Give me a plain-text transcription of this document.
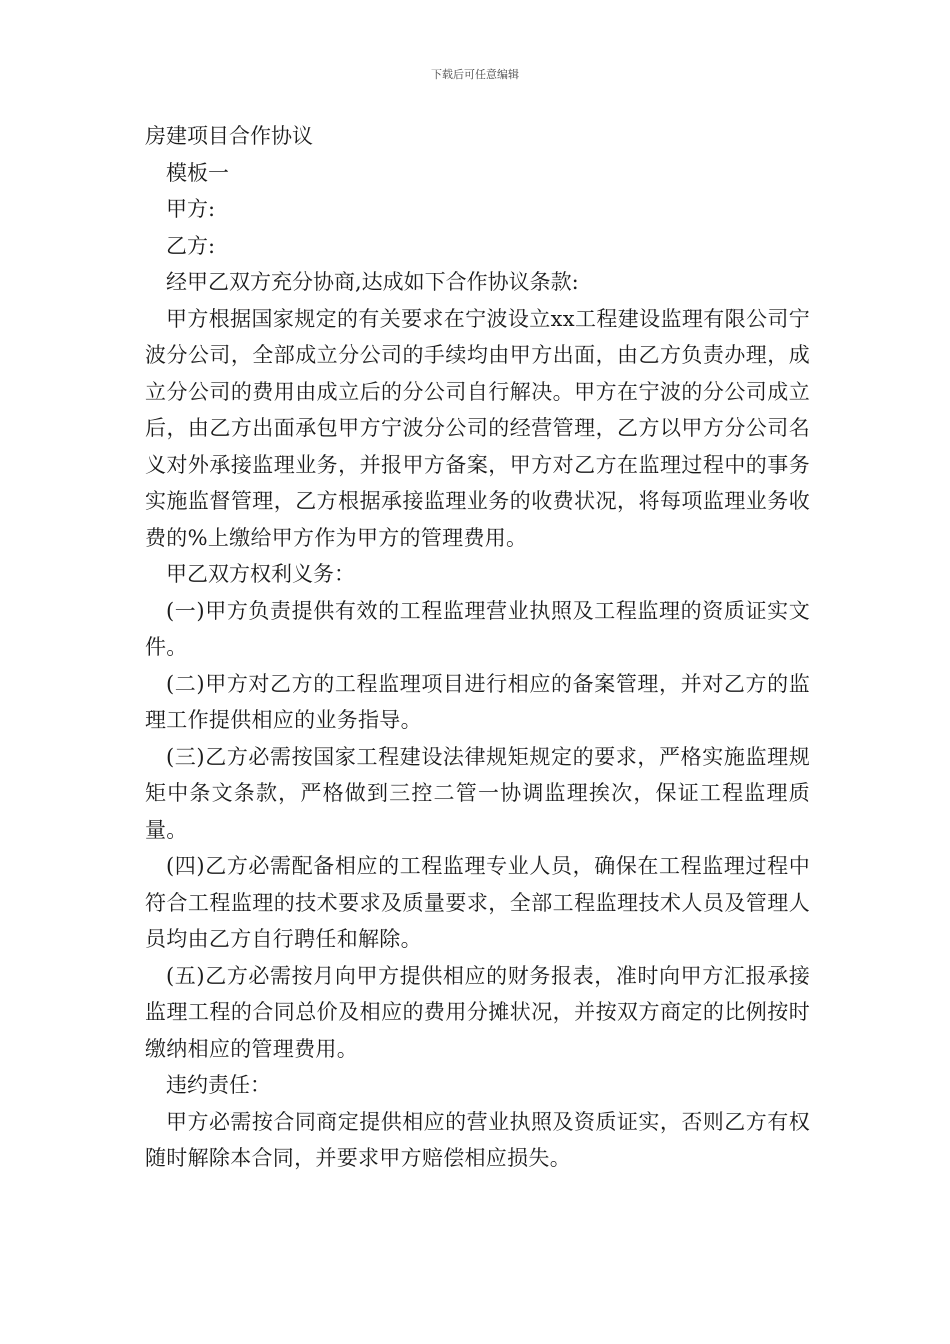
下载后可任意编辑

房建项目合作协议

模板一

甲方:

乙方:

经甲乙双方充分协商,达成如下合作协议条款:

甲方根据国家规定的有关要求在宁波设立xx工程建设监理有限公司宁波分公司，全部成立分公司的手续均由甲方出面，由乙方负责办理，成立分公司的费用由成立后的分公司自行解决。甲方在宁波的分公司成立后，由乙方出面承包甲方宁波分公司的经营管理，乙方以甲方分公司名义对外承接监理业务，并报甲方备案，甲方对乙方在监理过程中的事务实施监督管理，乙方根据承接监理业务的收费状况，将每项监理业务收费的%上缴给甲方作为甲方的管理费用。

甲乙双方权利义务：

(一)甲方负责提供有效的工程监理营业执照及工程监理的资质证实文件。

(二)甲方对乙方的工程监理项目进行相应的备案管理，并对乙方的监理工作提供相应的业务指导。

(三)乙方必需按国家工程建设法律规矩规定的要求，严格实施监理规矩中条文条款，严格做到三控二管一协调监理挨次，保证工程监理质量。

(四)乙方必需配备相应的工程监理专业人员，确保在工程监理过程中符合工程监理的技术要求及质量要求，全部工程监理技术人员及管理人员均由乙方自行聘任和解除。

(五)乙方必需按月向甲方提供相应的财务报表，准时向甲方汇报承接监理工程的合同总价及相应的费用分摊状况，并按双方商定的比例按时缴纳相应的管理费用。

违约责任：

甲方必需按合同商定提供相应的营业执照及资质证实，否则乙方有权随时解除本合同，并要求甲方赔偿相应损失。
